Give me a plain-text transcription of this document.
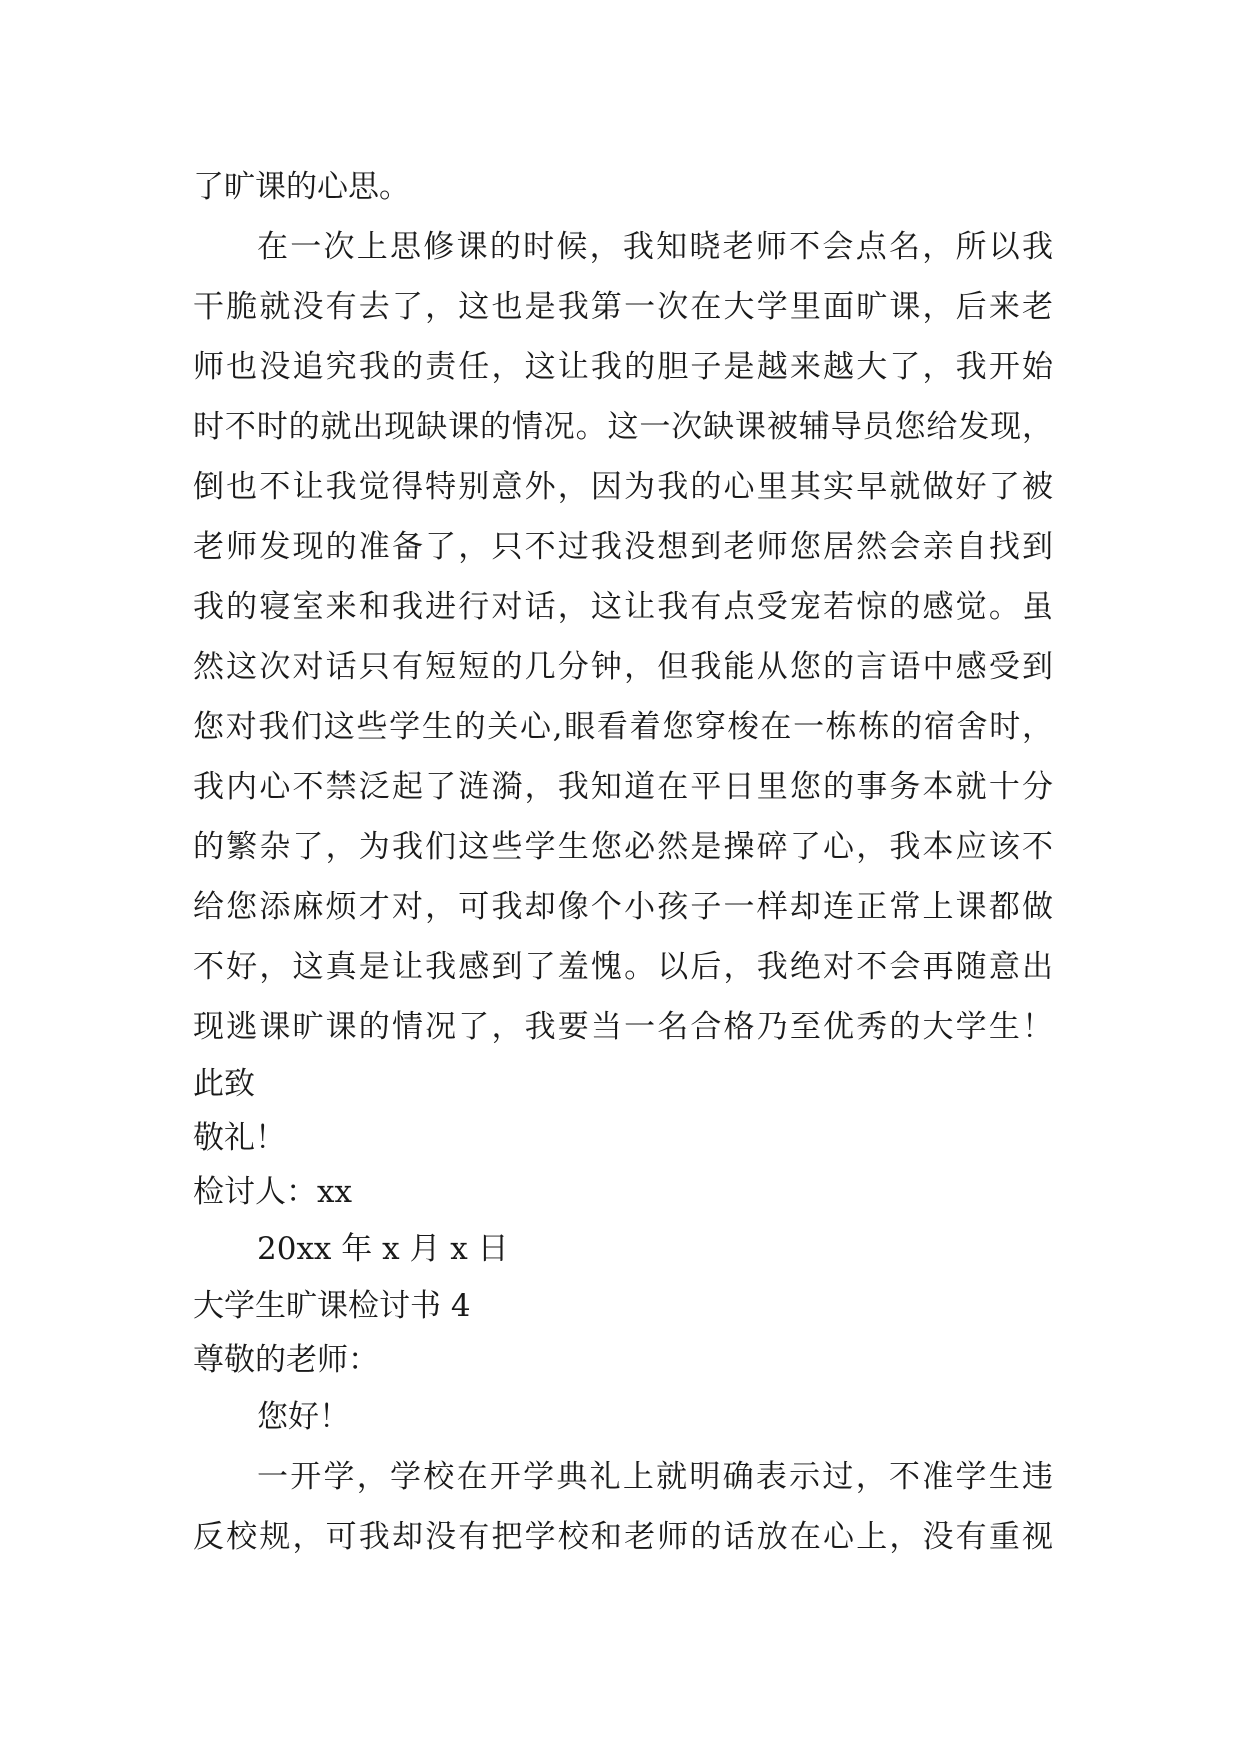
了旷课的心思。
在一次上思修课的时候，我知晓老师不会点名，所以我
干脆就没有去了，这也是我第一次在大学里面旷课，后来老
师也没追究我的责任，这让我的胆子是越来越大了，我开始
时不时的就出现缺课的情况。这一次缺课被辅导员您给发现，
倒也不让我觉得特别意外，因为我的心里其实早就做好了被
老师发现的准备了，只不过我没想到老师您居然会亲自找到
我的寝室来和我进行对话，这让我有点受宠若惊的感觉。虽
然这次对话只有短短的几分钟，但我能从您的言语中感受到
您对我们这些学生的关心,眼看着您穿梭在一栋栋的宿舍时，
我内心不禁泛起了涟漪，我知道在平日里您的事务本就十分
的繁杂了，为我们这些学生您必然是操碎了心，我本应该不
给您添麻烦才对，可我却像个小孩子一样却连正常上课都做
不好，这真是让我感到了羞愧。以后，我绝对不会再随意出
现逃课旷课的情况了，我要当一名合格乃至优秀的大学生！
此致
敬礼！
检讨人：xx
20xx 年 x 月 x 日
大学生旷课检讨书 4
尊敬的老师：
您好！
一开学，学校在开学典礼上就明确表示过，不准学生违
反校规，可我却没有把学校和老师的话放在心上，没有重视
